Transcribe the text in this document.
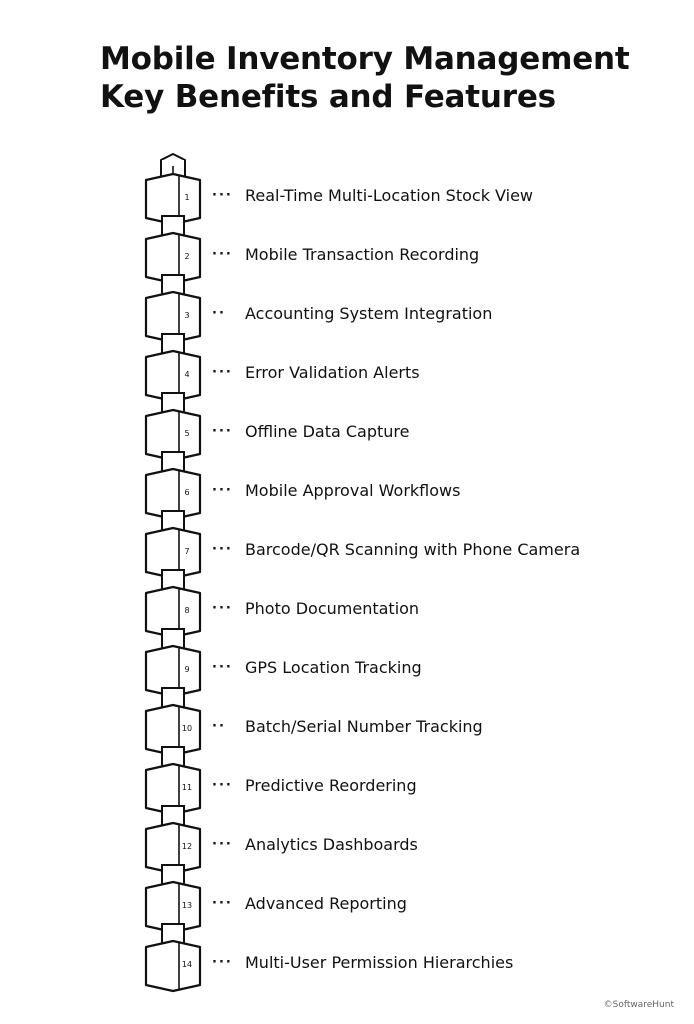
Mobile Inventory Management
Key Benefits and Features
1
2
3
4
5
6
7
8
9
10
11
12
13
14
··· Real-Time Multi-Location Stock View
··· Mobile Transaction Recording
·· Accounting System Integration
··· Error Validation Alerts
··· Offline Data Capture
··· Mobile Approval Workflows
··· Barcode/QR Scanning with Phone Camera
··· Photo Documentation
··· GPS Location Tracking
·· Batch/Serial Number Tracking
··· Predictive Reordering
··· Analytics Dashboards
··· Advanced Reporting
··· Multi-User Permission Hierarchies
©SoftwareHunt
